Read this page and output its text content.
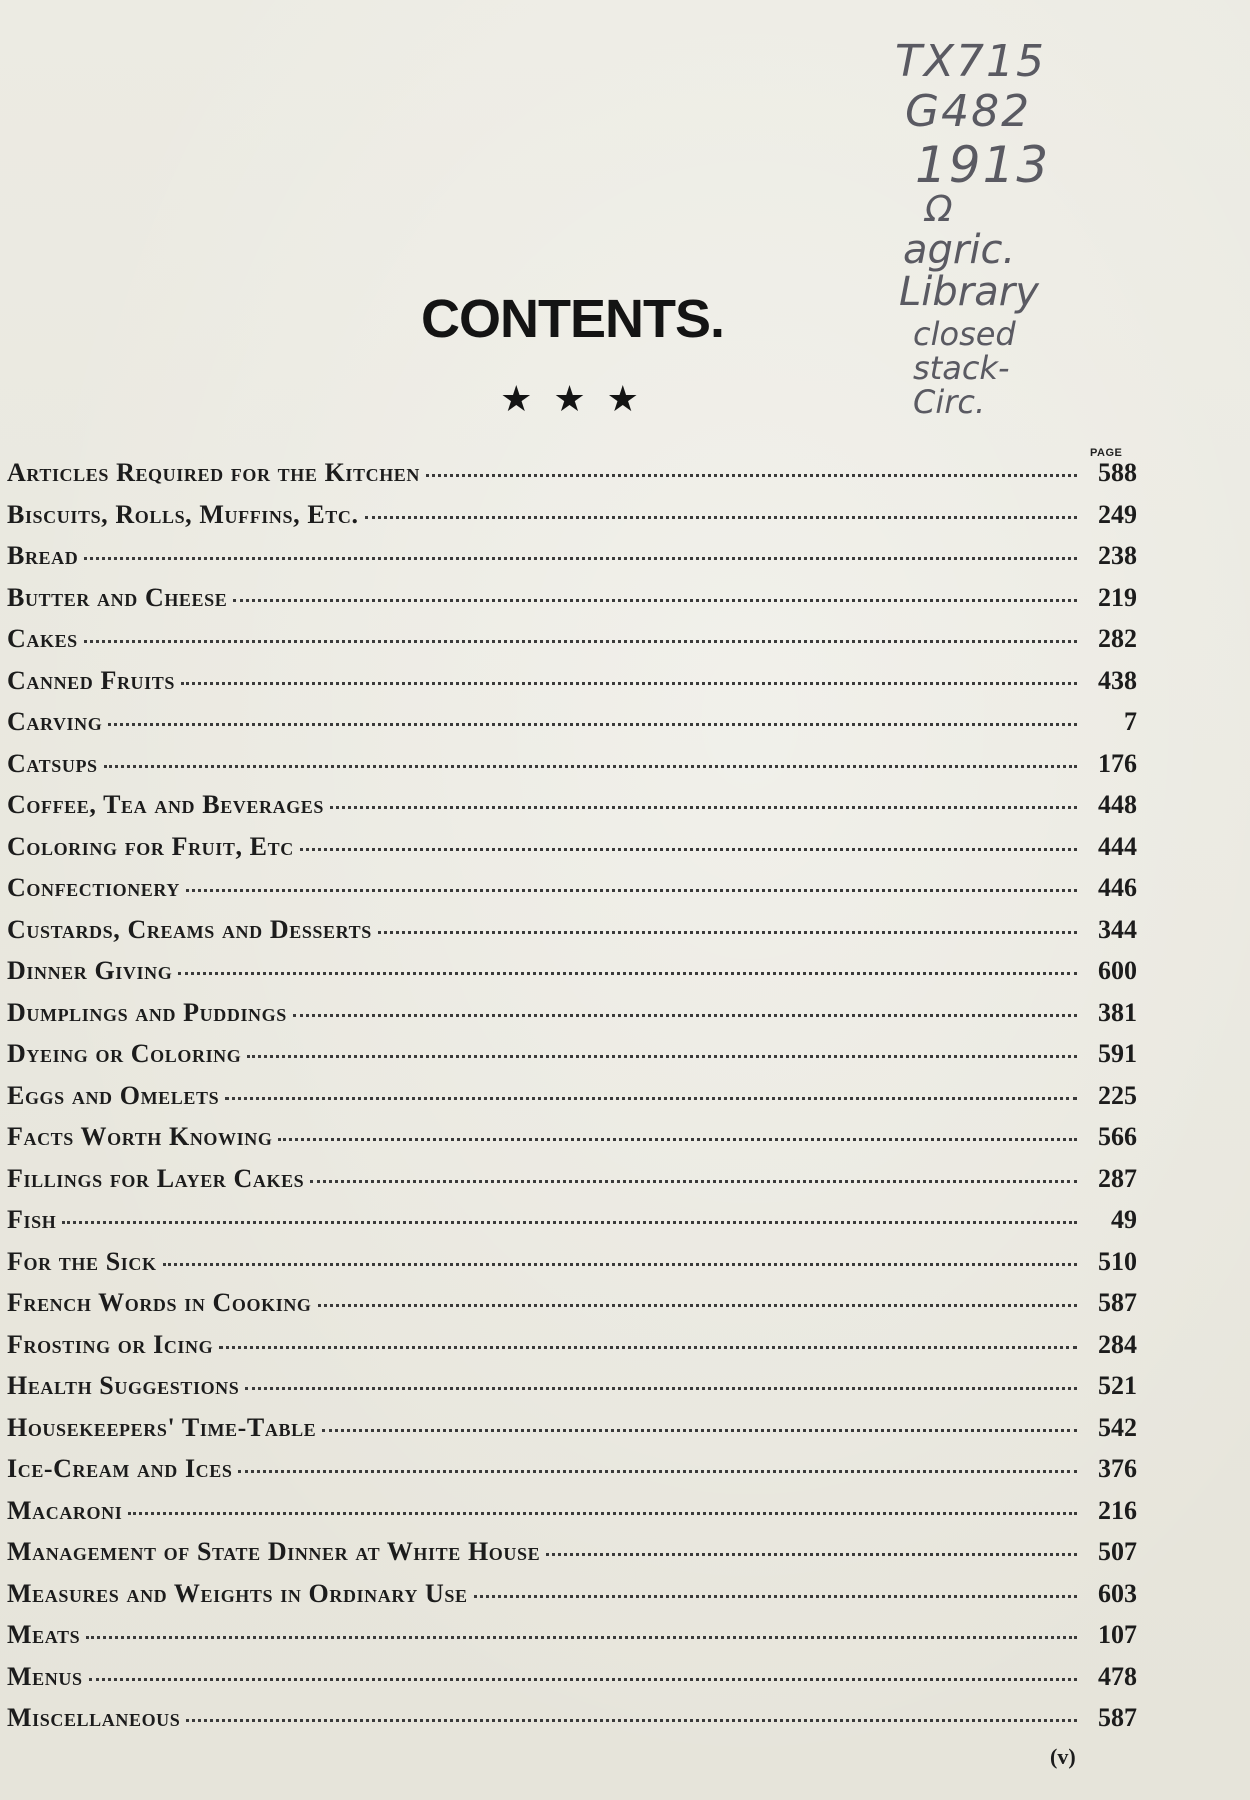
TX715
G482
1913
Ω
agric.
Library
closed
stack-
Circ.
CONTENTS.
★ ★ ★
PAGE
Articles Required for the Kitchen	588
Biscuits, Rolls, Muffins, Etc.	249
Bread	238
Butter and Cheese	219
Cakes	282
Canned Fruits	438
Carving	7
Catsups	176
Coffee, Tea and Beverages	448
Coloring for Fruit, Etc	444
Confectionery	446
Custards, Creams and Desserts	344
Dinner Giving	600
Dumplings and Puddings	381
Dyeing or Coloring	591
Eggs and Omelets	225
Facts Worth Knowing	566
Fillings for Layer Cakes	287
Fish	49
For the Sick	510
French Words in Cooking	587
Frosting or Icing	284
Health Suggestions	521
Housekeepers' Time-Table	542
Ice-Cream and Ices	376
Macaroni	216
Management of State Dinner at White House	507
Measures and Weights in Ordinary Use	603
Meats	107
Menus	478
Miscellaneous	587
(v)
